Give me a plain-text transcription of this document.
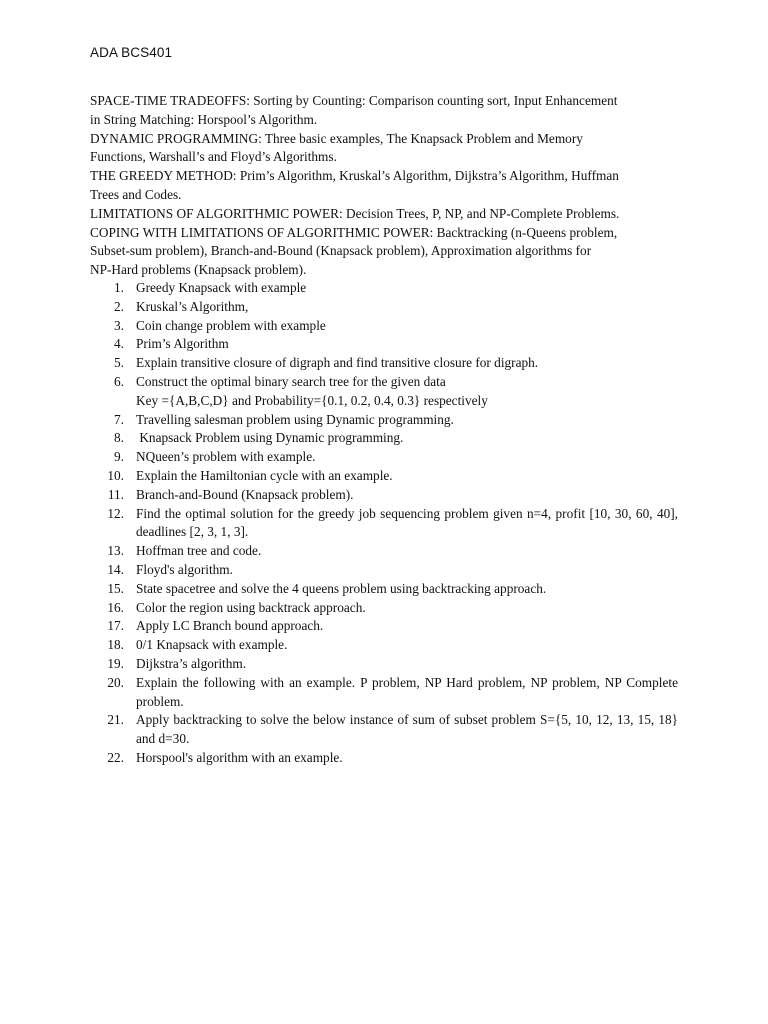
ADA BCS401
SPACE-TIME TRADEOFFS: Sorting by Counting: Comparison counting sort, Input Enhancement
in String Matching: Horspool’s Algorithm.
DYNAMIC PROGRAMMING: Three basic examples, The Knapsack Problem and Memory
Functions, Warshall’s and Floyd’s Algorithms.
THE GREEDY METHOD: Prim’s Algorithm, Kruskal’s Algorithm, Dijkstra’s Algorithm, Huffman
Trees and Codes.
LIMITATIONS OF ALGORITHMIC POWER: Decision Trees, P, NP, and NP-Complete Problems.
COPING WITH LIMITATIONS OF ALGORITHMIC POWER: Backtracking (n-Queens problem,
Subset-sum problem), Branch-and-Bound (Knapsack problem), Approximation algorithms for
NP-Hard problems (Knapsack problem).
1. Greedy Knapsack with example
2. Kruskal’s Algorithm,
3. Coin change problem with example
4. Prim’s Algorithm
5. Explain transitive closure of digraph and find transitive closure for digraph.
6. Construct the optimal binary search tree for the given data
Key ={A,B,C,D} and Probability={0.1, 0.2, 0.4, 0.3} respectively
7. Travelling salesman problem using Dynamic programming.
8. Knapsack Problem using Dynamic programming.
9. NQueen’s problem with example.
10. Explain the Hamiltonian cycle with an example.
11. Branch-and-Bound (Knapsack problem).
12. Find the optimal solution for the greedy job sequencing problem given n=4, profit [10, 30, 60, 40], deadlines [2, 3, 1, 3].
13. Hoffman tree and code.
14. Floyd's algorithm.
15. State spacetree and solve the 4 queens problem using backtracking approach.
16. Color the region using backtrack approach.
17. Apply LC Branch bound approach.
18. 0/1 Knapsack with example.
19. Dijkstra’s algorithm.
20. Explain the following with an example. P problem, NP Hard problem, NP problem, NP Complete problem.
21. Apply backtracking to solve the below instance of sum of subset problem S={5, 10, 12, 13, 15, 18} and d=30.
22. Horspool's algorithm with an example.
